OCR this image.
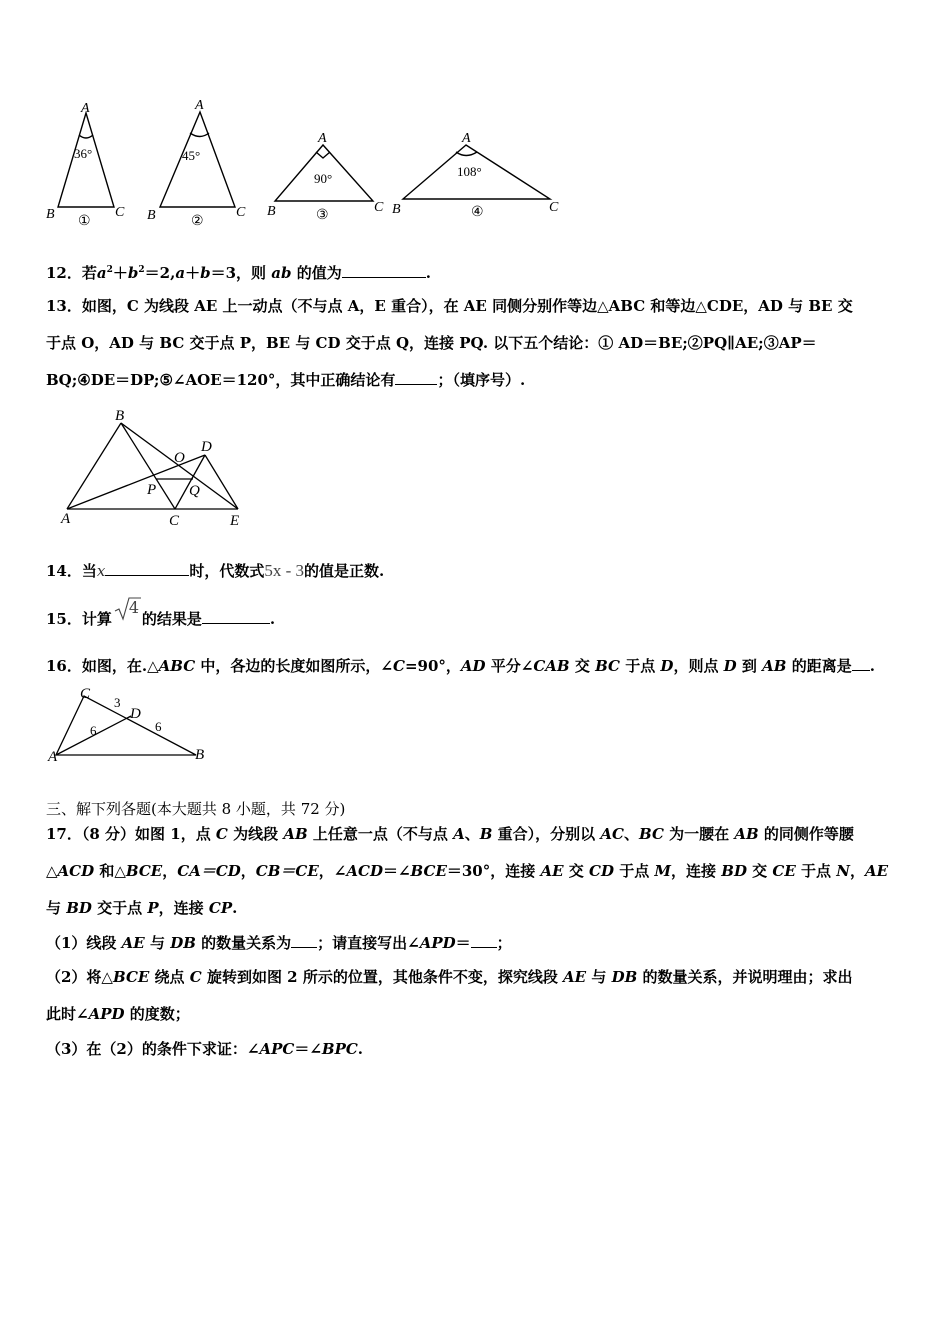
A
36°
B	C
①
A
45°
B	C
②
A
90°
B	C
③
A
108°
B	C
④
12．若$a^2+b^2=2,a+b=3$，则 ab 的值为	.
13．如图，C 为线段 AE 上一动点（不与点 A，E 重合），在 AE 同侧分别作等边△ABC 和等边△CDE，AD 与 BE 交
于点 O，AD 与 BC 交于点 P，BE 与 CD 交于点 Q，连接 PQ. 以下五个结论：① AD＝BE;②PQ∥AE;③AP＝
BQ;④DE＝DP;⑤∠AOE＝120°，其中正确结论有	；（填序号）.
A
B
C
D
E
O
P Q
14．当x	时，代数式5x - 3的值是正数.
15．计算
4
的结果是	.
16．如图，在.△ABC 中，各边的长度如图所示，∠C=90°，AD 平分∠CAB 交 BC 于点 D，则点 D 到 AB 的距离是 .
C
3
D
6	6
A	B
三、解下列各题(本大题共 8 小题，共 72 分)
17．（8 分）如图 1，点 C 为线段 AB 上任意一点（不与点 A、B 重合），分别以 AC、BC 为一腰在 AB 的同侧作等腰
△ACD 和△BCE，CA＝CD，CB＝CE，∠ACD＝∠BCE＝30°，连接 AE 交 CD 于点 M，连接 BD 交 CE 于点 N，AE
与 BD 交于点 P，连接 CP.
（1）线段 AE 与 DB 的数量关系为 ；请直接写出∠APD＝ ；
（2）将△BCE 绕点 C 旋转到如图 2 所示的位置，其他条件不变，探究线段 AE 与 DB 的数量关系，并说明理由；求出
此时∠APD 的度数；
（3）在（2）的条件下求证：∠APC＝∠BPC.
